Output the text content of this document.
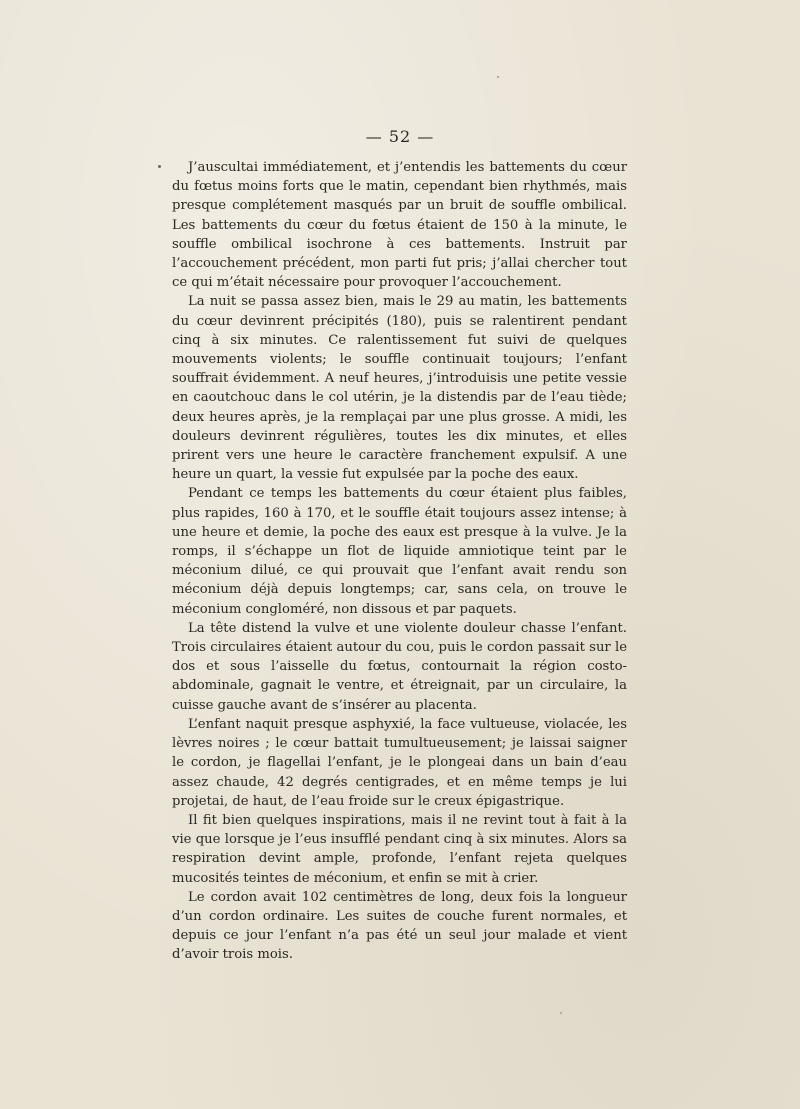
— 52 —

J’auscultai immédiatement, et j’entendis les battements du cœur du fœtus moins forts que le matin, cependant bien rhythmés, mais presque complétement masqués par un bruit de souffle ombilical. Les battements du cœur du fœtus étaient de 150 à la minute, le souffle ombilical isochrone à ces battements. Instruit par l’accouchement précédent, mon parti fut pris; j’allai chercher tout ce qui m’était nécessaire pour provoquer l’accouchement.

La nuit se passa assez bien, mais le 29 au matin, les battements du cœur devinrent précipités (180), puis se ralentirent pendant cinq à six minutes. Ce ralentissement fut suivi de quelques mouvements violents; le souffle continuait toujours; l’enfant souffrait évidemment. A neuf heures, j’introduisis une petite vessie en caoutchouc dans le col utérin, je la distendis par de l’eau tiède; deux heures après, je la remplaçai par une plus grosse. A midi, les douleurs devinrent régulières, toutes les dix minutes, et elles prirent vers une heure le caractère franchement expulsif. A une heure un quart, la vessie fut expulsée par la poche des eaux.

Pendant ce temps les battements du cœur étaient plus faibles, plus rapides, 160 à 170, et le souffle était toujours assez intense; à une heure et demie, la poche des eaux est presque à la vulve. Je la romps, il s’échappe un flot de liquide amniotique teint par le méconium dilué, ce qui prouvait que l’enfant avait rendu son méconium déjà depuis longtemps; car, sans cela, on trouve le méconium congloméré, non dissous et par paquets.

La tête distend la vulve et une violente douleur chasse l’enfant. Trois circulaires étaient autour du cou, puis le cordon passait sur le dos et sous l’aisselle du fœtus, contournait la région costo-abdominale, gagnait le ventre, et étreignait, par un circulaire, la cuisse gauche avant de s’insérer au placenta.

L’enfant naquit presque asphyxié, la face vultueuse, violacée, les lèvres noires ; le cœur battait tumultueusement; je laissai saigner le cordon, je flagellai l’enfant, je le plongeai dans un bain d’eau assez chaude, 42 degrés centigrades, et en même temps je lui projetai, de haut, de l’eau froide sur le creux épigastrique.

Il fit bien quelques inspirations, mais il ne revint tout à fait à la vie que lorsque je l’eus insufflé pendant cinq à six minutes. Alors sa respiration devint ample, profonde, l’enfant rejeta quelques mucosités teintes de méconium, et enfin se mit à crier.

Le cordon avait 102 centimètres de long, deux fois la longueur d’un cordon ordinaire. Les suites de couche furent normales, et depuis ce jour l’enfant n’a pas été un seul jour malade et vient d’avoir trois mois.
